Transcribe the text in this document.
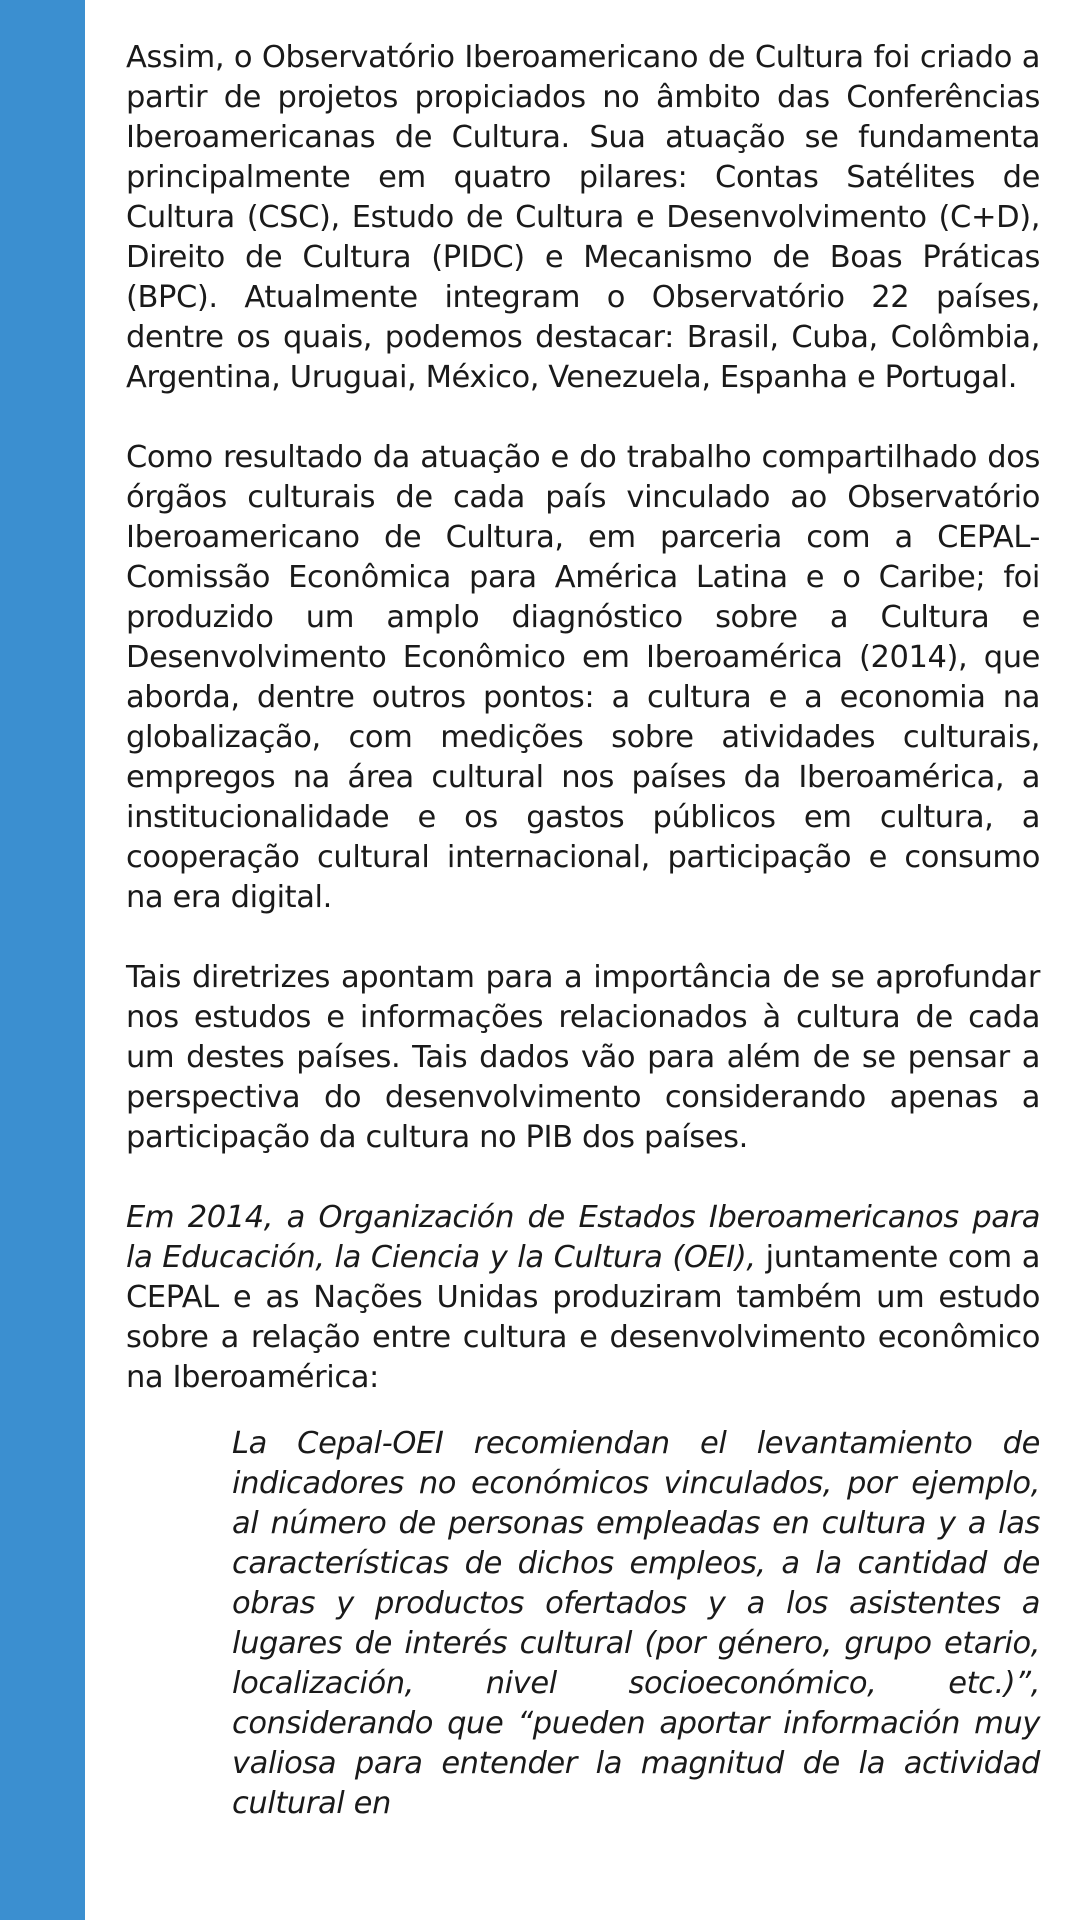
Assim, o Observatório Iberoamericano de Cultura foi criado a partir de projetos propiciados no âmbito das Conferências Iberoamericanas de Cultura. Sua atuação se fundamenta principalmente em quatro pilares: Contas Satélites de Cultura (CSC), Estudo de Cultura e Desenvolvimento (C+D), Direito de Cultura (PIDC) e Mecanismo de Boas Práticas (BPC). Atualmente integram o Observatório 22 países, dentre os quais, podemos destacar: Brasil, Cuba, Colômbia, Argentina, Uruguai, México, Venezuela, Espanha e Portugal.

Como resultado da atuação e do trabalho compartilhado dos órgãos culturais de cada país vinculado ao Observatório Iberoamericano de Cultura, em parceria com a CEPAL- Comissão Econômica para América Latina e o Caribe; foi produzido um amplo diagnóstico sobre a Cultura e Desenvolvimento Econômico em Iberoamérica (2014), que aborda, dentre outros pontos: a cultura e a economia na globalização, com medições sobre atividades culturais, empregos na área cultural nos países da Iberoamérica, a institucionalidade e os gastos públicos em cultura, a cooperação cultural internacional, participação e consumo na era digital.

Tais diretrizes apontam para a importância de se aprofundar nos estudos e informações relacionados à cultura de cada um destes países. Tais dados vão para além de se pensar a perspectiva do desenvolvimento considerando apenas a participação da cultura no PIB dos países.

Em 2014, a Organización de Estados Iberoamericanos para la Educación, la Ciencia y la Cultura (OEI), juntamente com a CEPAL e as Nações Unidas produziram também um estudo sobre a relação entre cultura e desenvolvimento econômico na Iberoamérica:

La Cepal-OEI recomiendan el levantamiento de indicadores no económicos vinculados, por ejemplo, al número de personas empleadas en cultura y a las características de dichos empleos, a la cantidad de obras y productos ofertados y a los asistentes a lugares de interés cultural (por género, grupo etario, localización, nivel socioeconómico, etc.)”, considerando que “pueden aportar información muy valiosa para entender la magnitud de la actividad cultural en
